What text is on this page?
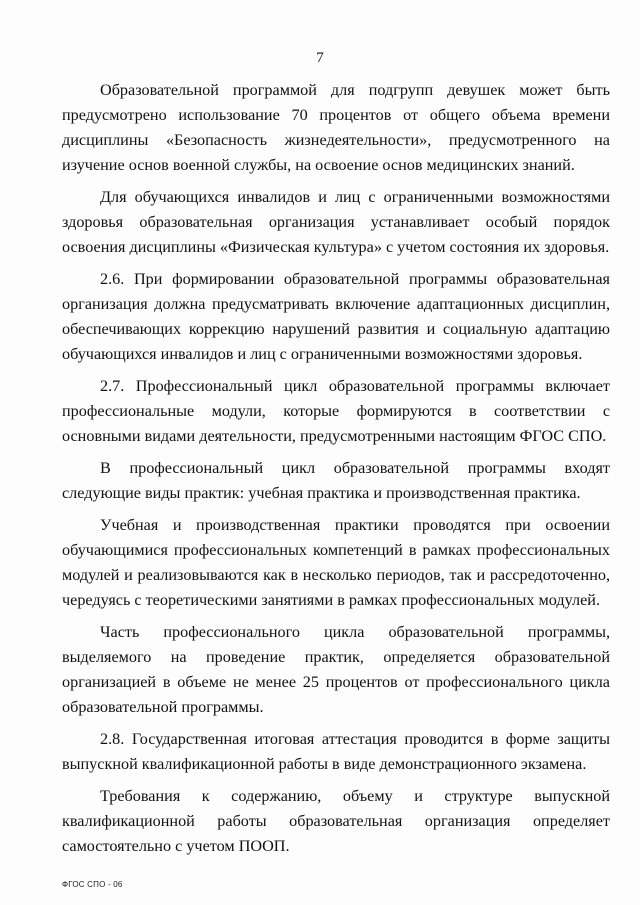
7

Образовательной программой для подгрупп девушек может быть предусмотрено использование 70 процентов от общего объема времени дисциплины «Безопасность жизнедеятельности», предусмотренного на изучение основ военной службы, на освоение основ медицинских знаний.

Для обучающихся инвалидов и лиц с ограниченными возможностями здоровья образовательная организация устанавливает особый порядок освоения дисциплины «Физическая культура» с учетом состояния их здоровья.

2.6. При формировании образовательной программы образовательная организация должна предусматривать включение адаптационных дисциплин, обеспечивающих коррекцию нарушений развития и социальную адаптацию обучающихся инвалидов и лиц с ограниченными возможностями здоровья.

2.7. Профессиональный цикл образовательной программы включает профессиональные модули, которые формируются в соответствии с основными видами деятельности, предусмотренными настоящим ФГОС СПО.

В профессиональный цикл образовательной программы входят следующие виды практик: учебная практика и производственная практика.

Учебная и производственная практики проводятся при освоении обучающимися профессиональных компетенций в рамках профессиональных модулей и реализовываются как в несколько периодов, так и рассредоточенно, чередуясь с теоретическими занятиями в рамках профессиональных модулей.

Часть профессионального цикла образовательной программы, выделяемого на проведение практик, определяется образовательной организацией в объеме не менее 25 процентов от профессионального цикла образовательной программы.

2.8. Государственная итоговая аттестация проводится в форме защиты выпускной квалификационной работы в виде демонстрационного экзамена.

Требования к содержанию, объему и структуре выпускной квалификационной работы образовательная организация определяет самостоятельно с учетом ПООП.

ФГОС СПО - 06
